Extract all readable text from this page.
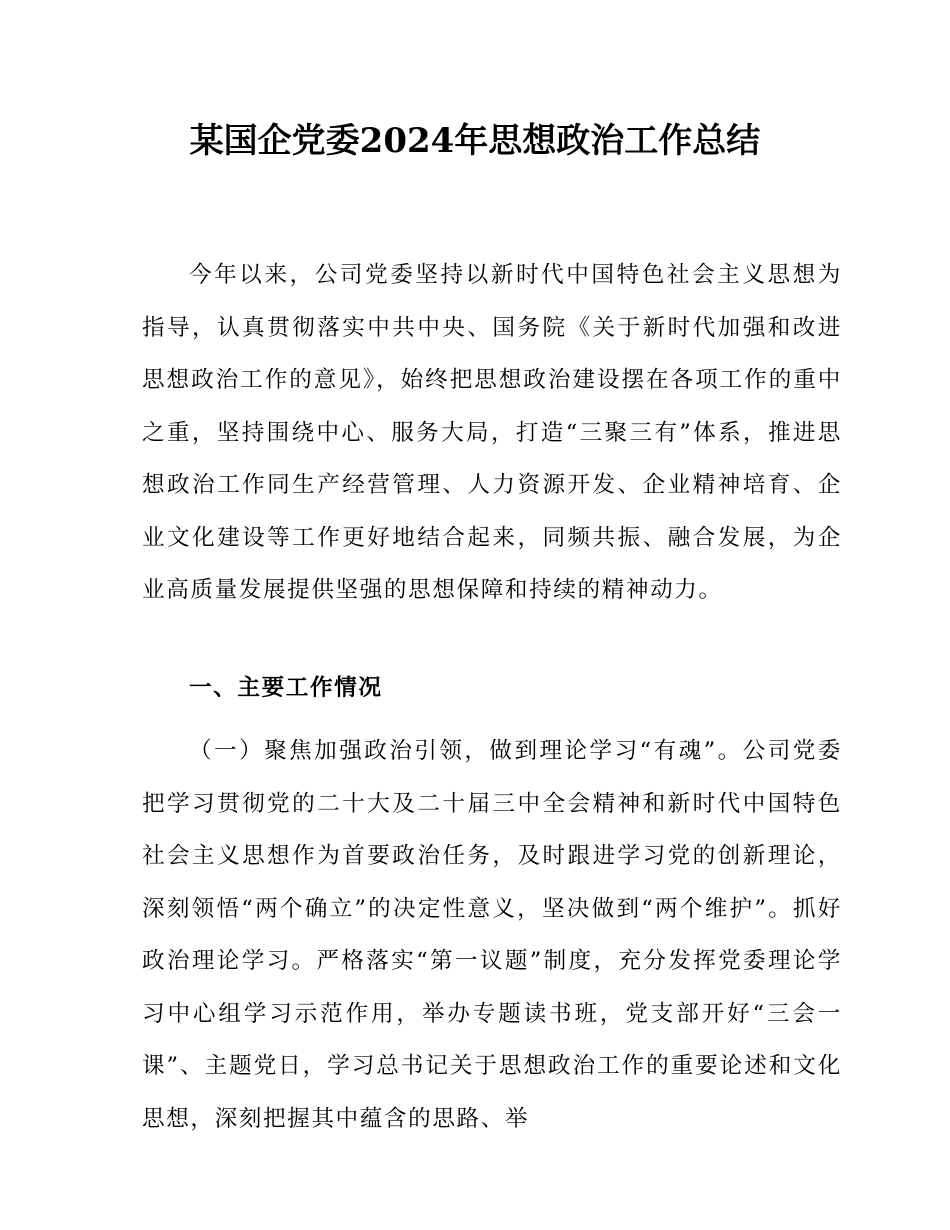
某国企党委2024年思想政治工作总结

今年以来，公司党委坚持以新时代中国特色社会主义思想为指导，认真贯彻落实中共中央、国务院《关于新时代加强和改进思想政治工作的意见》，始终把思想政治建设摆在各项工作的重中之重，坚持围绕中心、服务大局，打造“三聚三有”体系，推进思想政治工作同生产经营管理、人力资源开发、企业精神培育、企业文化建设等工作更好地结合起来，同频共振、融合发展，为企业高质量发展提供坚强的思想保障和持续的精神动力。

一、主要工作情况

（一）聚焦加强政治引领，做到理论学习“有魂”。公司党委把学习贯彻党的二十大及二十届三中全会精神和新时代中国特色社会主义思想作为首要政治任务，及时跟进学习党的创新理论，深刻领悟“两个确立”的决定性意义，坚决做到“两个维护”。抓好政治理论学习。严格落实“第一议题”制度，充分发挥党委理论学习中心组学习示范作用，举办专题读书班，党支部开好“三会一课”、主题党日，学习总书记关于思想政治工作的重要论述和文化思想，深刻把握其中蕴含的思路、举
